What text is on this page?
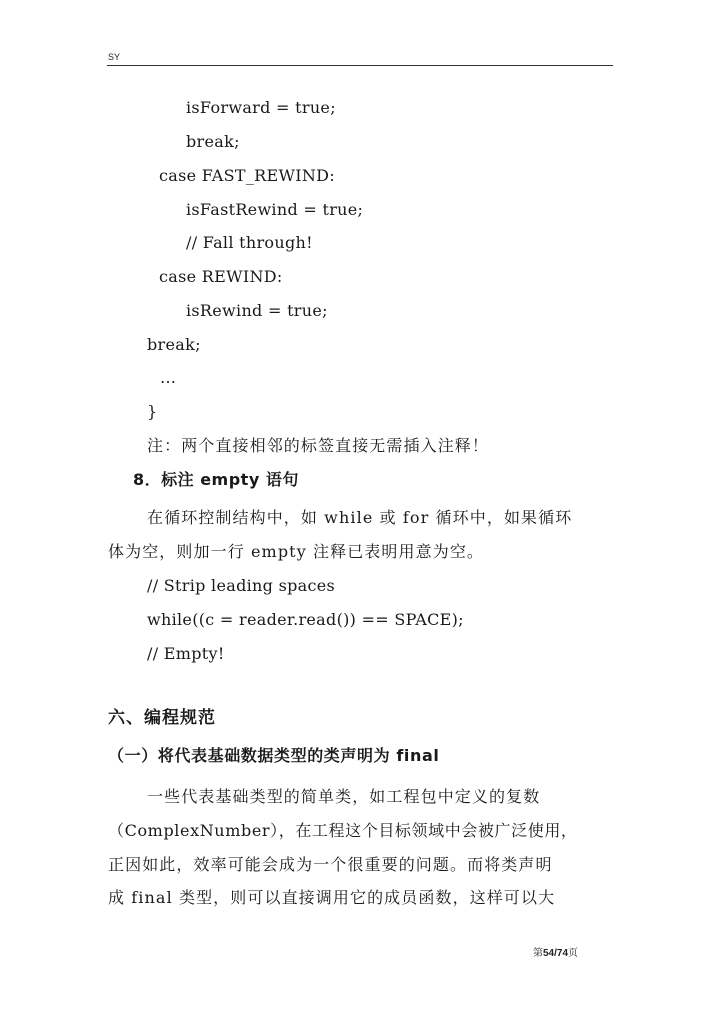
SY
isForward = true;
break;
case FAST_REWIND:
isFastRewind = true;
// Fall through!
case REWIND:
isRewind = true;
break;
…
}
注：两个直接相邻的标签直接无需插入注释！
8．标注 empty 语句
在循环控制结构中，如 while 或 for 循环中，如果循环
体为空，则加一行 empty 注释已表明用意为空。
// Strip leading spaces
while((c = reader.read()) == SPACE);
// Empty!
六、编程规范
（一）将代表基础数据类型的类声明为 final
一些代表基础类型的简单类，如工程包中定义的复数
（ComplexNumber），在工程这个目标领域中会被广泛使用，
正因如此，效率可能会成为一个很重要的问题。而将类声明
成 final 类型，则可以直接调用它的成员函数，这样可以大
第54/74页
